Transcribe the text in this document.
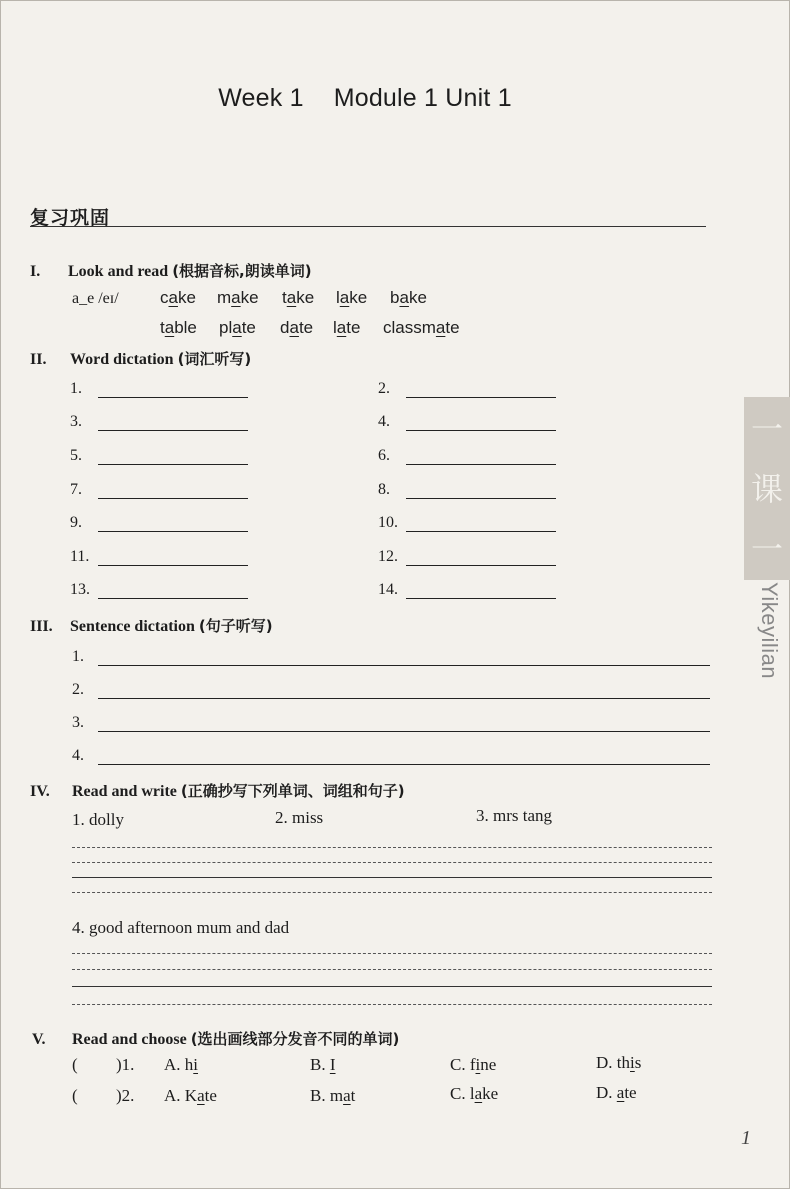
Week 1 Module 1 Unit 1
复习巩固
I. Look and read (根据音标,朗读单词)
a_e /eɪ/ cake make take lake bake
table plate date late classmate
II. Word dictation (词汇听写)
1.	2.
3.	4.
5.	6.
7.	8.
9.	10.
11.	12.
13.	14.
III. Sentence dictation (句子听写)
1.
2.
3.
4.
IV. Read and write (正确抄写下列单词、词组和句子)
1. dolly	2. miss	3. mrs tang
4. good afternoon mum and dad
V. Read and choose (选出画线部分发音不同的单词)
( )1. A. hi	B. I	C. fine	D. this
( )2. A. Kate	B. mat	C. lake	D. ate
一
课
一
Yikeyilian
1
